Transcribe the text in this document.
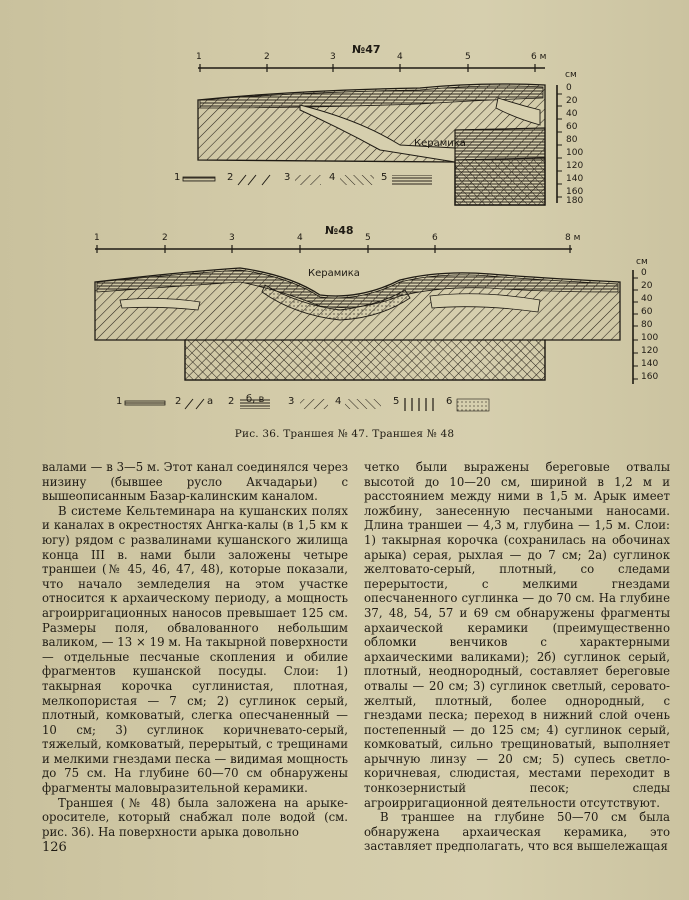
№47
1	2	3	4	5	6 м
см
0
20
40
60
80
100
120
140
160
180
Керамика
1	2	3	4	5
№48
1	2	3	4	5	6	8 м
см
0
20
40
60
80
100
120
140
160
Керамика
1	2	а 2 б, в 3	4	5	6
Рис. 36. Траншея № 47. Траншея № 48

валами — в 3—5 м. Этот канал соединялся через низину (бывшее русло Акчадарьи) с вышеописанным Базар-калинским каналом.

В системе Кельтеминара на кушанских полях и каналах в окрестностях Ангка-калы (в 1,5 км к югу) рядом с развалинами кушанского жилища конца III в. нами были заложены четыре траншеи (№ 45, 46, 47, 48), которые показали, что начало земледелия на этом участке относится к архаическому периоду, а мощность агроирригационных наносов превышает 125 см. Размеры поля, обвалованного небольшим валиком, — 13 × 19 м. На такырной поверхности — отдельные песчаные скопления и обилие фрагментов кушанской посуды. Слои: 1) такырная корочка суглинистая, плотная, мелкопористая — 7 см; 2) суглинок серый, плотный, комковатый, слегка опесчаненный — 10 см; 3) суглинок коричневато-серый, тяжелый, комковатый, перерытый, с трещинами и мелкими гнездами песка — видимая мощность до 75 см. На глубине 60—70 см обнаружены фрагменты маловыразительной керамики.

Траншея (№ 48) была заложена на арыке-оросителе, который снабжал поле водой (см. рис. 36). На поверхности арыка довольно

четко были выражены береговые отвалы высотой до 10—20 см, шириной в 1,2 м и расстоянием между ними в 1,5 м. Арык имеет ложбину, занесенную песчаными наносами. Длина траншеи — 4,3 м, глубина — 1,5 м. Слои: 1) такырная корочка (сохранилась на обочинах арыка) серая, рыхлая — до 7 см; 2а) суглинок желтовато-серый, плотный, со следами перерытости, с мелкими гнездами опесчаненного суглинка — до 70 см. На глубине 37, 48, 54, 57 и 69 см обнаружены фрагменты архаической керамики (преимущественно обломки венчиков с характерными архаическими валиками); 2б) суглинок серый, плотный, неоднородный, составляет береговые отвалы — 20 см; 3) суглинок светлый, серовато-желтый, плотный, более однородный, с гнездами песка; переход в нижний слой очень постепенный — до 125 см; 4) суглинок серый, комковатый, сильно трещиноватый, выполняет арычную линзу — 20 см; 5) супесь светло-коричневая, слюдистая, местами переходит в тонкозернистый песок; следы агроирригационной деятельности отсутствуют.

В траншее на глубине 50—70 см была обнаружена архаическая керамика, это заставляет предполагать, что вся вышележащая

126
